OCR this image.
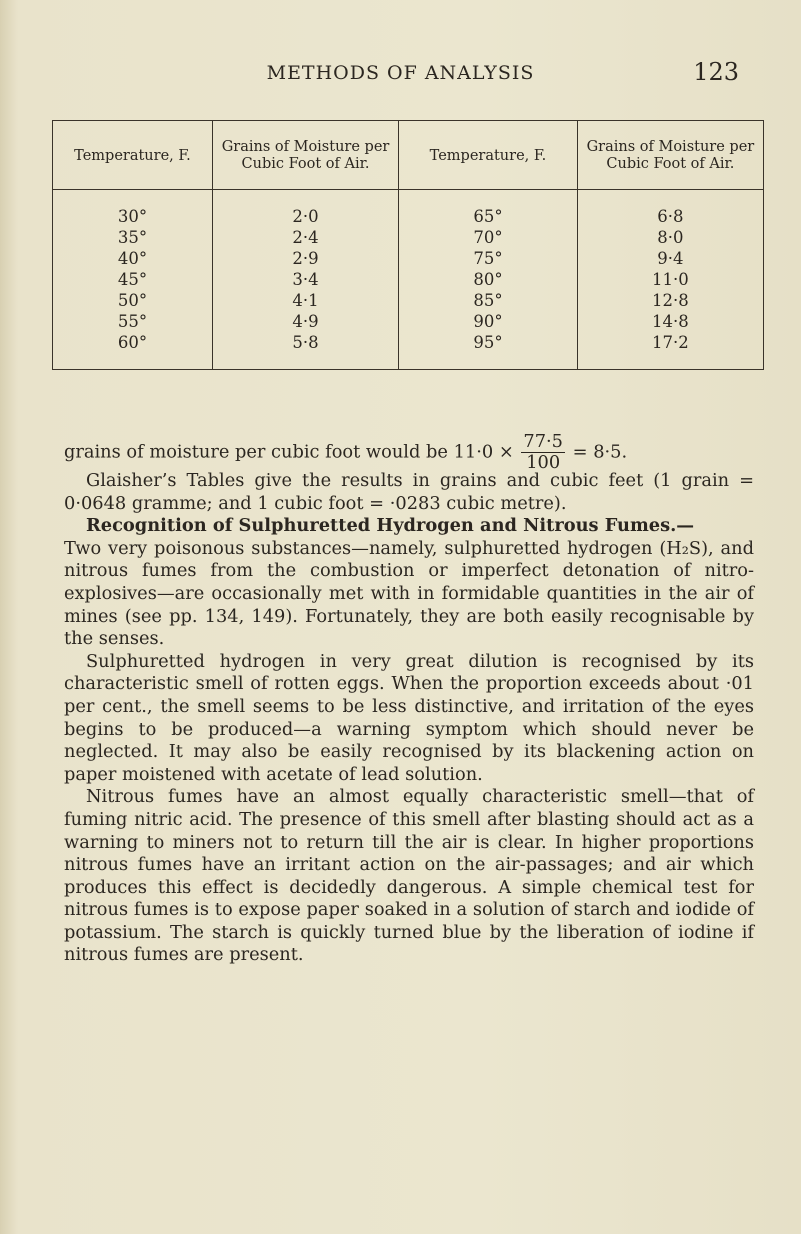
METHODS OF ANALYSIS	123
Temperature, F.	Grains of Moisture per Cubic Foot of Air.	Temperature, F.	Grains of Moisture per Cubic Foot of Air.
30°	2·0	65°	6·8
35°	2·4	70°	8·0
40°	2·9	75°	9·4
45°	3·4	80°	11·0
50°	4·1	85°	12·8
55°	4·9	90°	14·8
60°	5·8	95°	17·2
grains of moisture per cubic foot would be $11\cdot 0 \times \frac{77\cdot 5}{100} = 8\cdot 5$.

Glaisher’s Tables give the results in grains and cubic feet (1 grain = 0·0648 gramme; and 1 cubic foot = ·0283 cubic metre).

Recognition of Sulphuretted Hydrogen and Nitrous Fumes.—
Two very poisonous substances—namely, sulphuretted hydrogen (H₂S), and nitrous fumes from the combustion or imperfect detonation of nitro-explosives—are occasionally met with in formidable quantities in the air of mines (see pp. 134, 149). Fortunately, they are both easily recognisable by the senses.

Sulphuretted hydrogen in very great dilution is recognised by its characteristic smell of rotten eggs. When the proportion exceeds about ·01 per cent., the smell seems to be less distinctive, and irritation of the eyes begins to be produced—a warning symptom which should never be neglected. It may also be easily recognised by its blackening action on paper moistened with acetate of lead solution.

Nitrous fumes have an almost equally characteristic smell—that of fuming nitric acid. The presence of this smell after blasting should act as a warning to miners not to return till the air is clear. In higher proportions nitrous fumes have an irritant action on the air-passages; and air which produces this effect is decidedly dangerous. A simple chemical test for nitrous fumes is to expose paper soaked in a solution of starch and iodide of potassium. The starch is quickly turned blue by the liberation of iodine if nitrous fumes are present.
